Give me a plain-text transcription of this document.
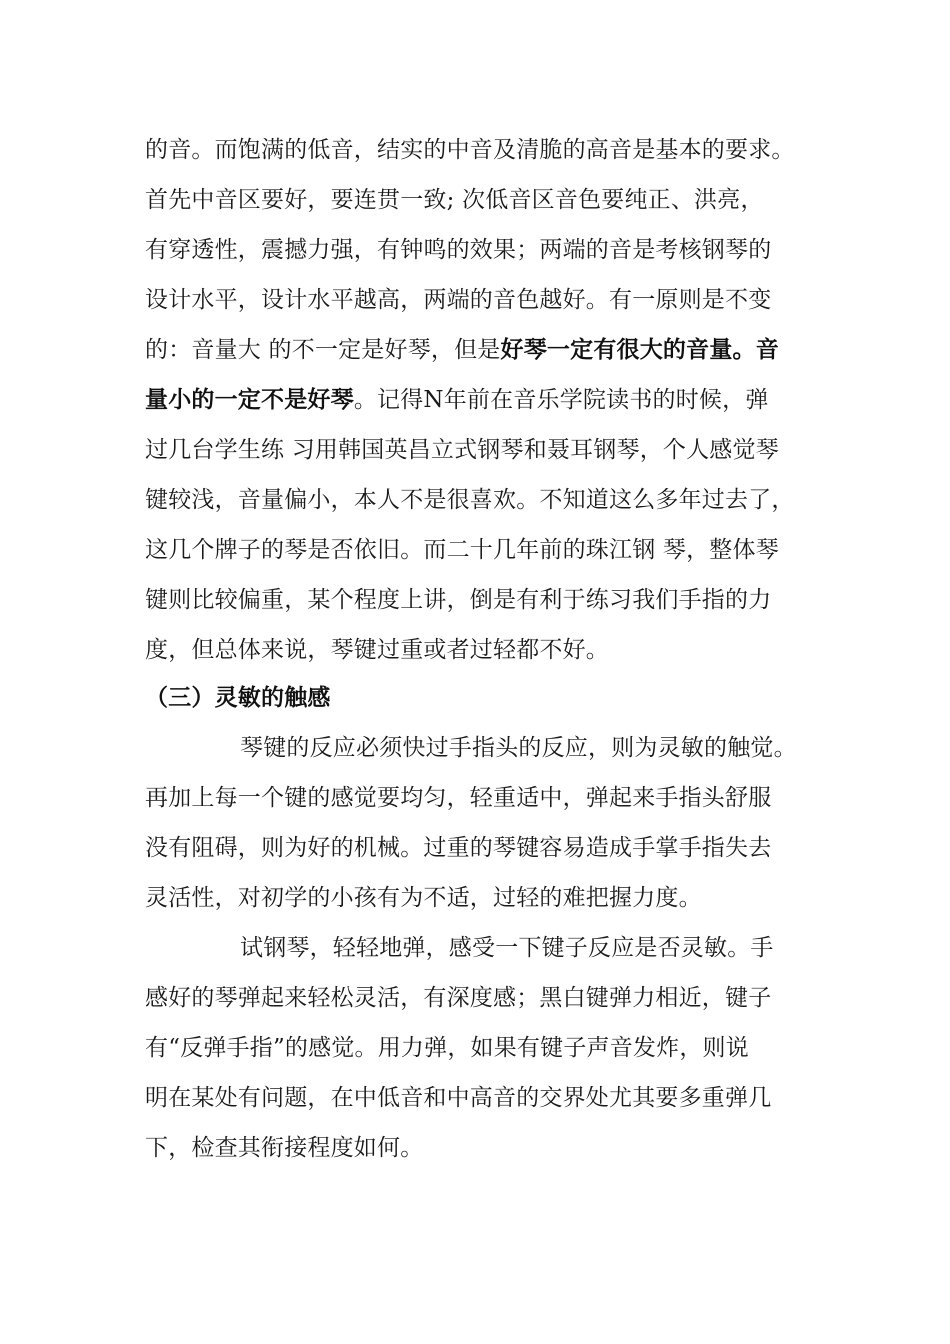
的音。而饱满的低音，结实的中音及清脆的高音是基本的要求。
首先中音区要好，要连贯一致; 次低音区音色要纯正、洪亮，
有穿透性，震撼力强，有钟鸣的效果；两端的音是考核钢琴的
设计水平，设计水平越高，两端的音色越好。有一原则是不变
的：音量大 的不一定是好琴，但是好琴一定有很大的音量。音
量小的一定不是好琴。记得N年前在音乐学院读书的时候，弹
过几台学生练 习用韩国英昌立式钢琴和聂耳钢琴，个人感觉琴
键较浅，音量偏小，本人不是很喜欢。不知道这么多年过去了，
这几个牌子的琴是否依旧。而二十几年前的珠江钢 琴，整体琴
键则比较偏重，某个程度上讲，倒是有利于练习我们手指的力
度，但总体来说，琴键过重或者过轻都不好。
（三）灵敏的触感
琴键的反应必须快过手指头的反应，则为灵敏的触觉。
再加上每一个键的感觉要均匀，轻重适中，弹起来手指头舒服
没有阻碍，则为好的机械。过重的琴键容易造成手掌手指失去
灵活性，对初学的小孩有为不适，过轻的难把握力度。
试钢琴，轻轻地弹，感受一下键子反应是否灵敏。手
感好的琴弹起来轻松灵活，有深度感；黑白键弹力相近，键子
有“反弹手指”的感觉。用力弹，如果有键子声音发炸，则说
明在某处有问题，在中低音和中高音的交界处尤其要多重弹几
下，检查其衔接程度如何。
